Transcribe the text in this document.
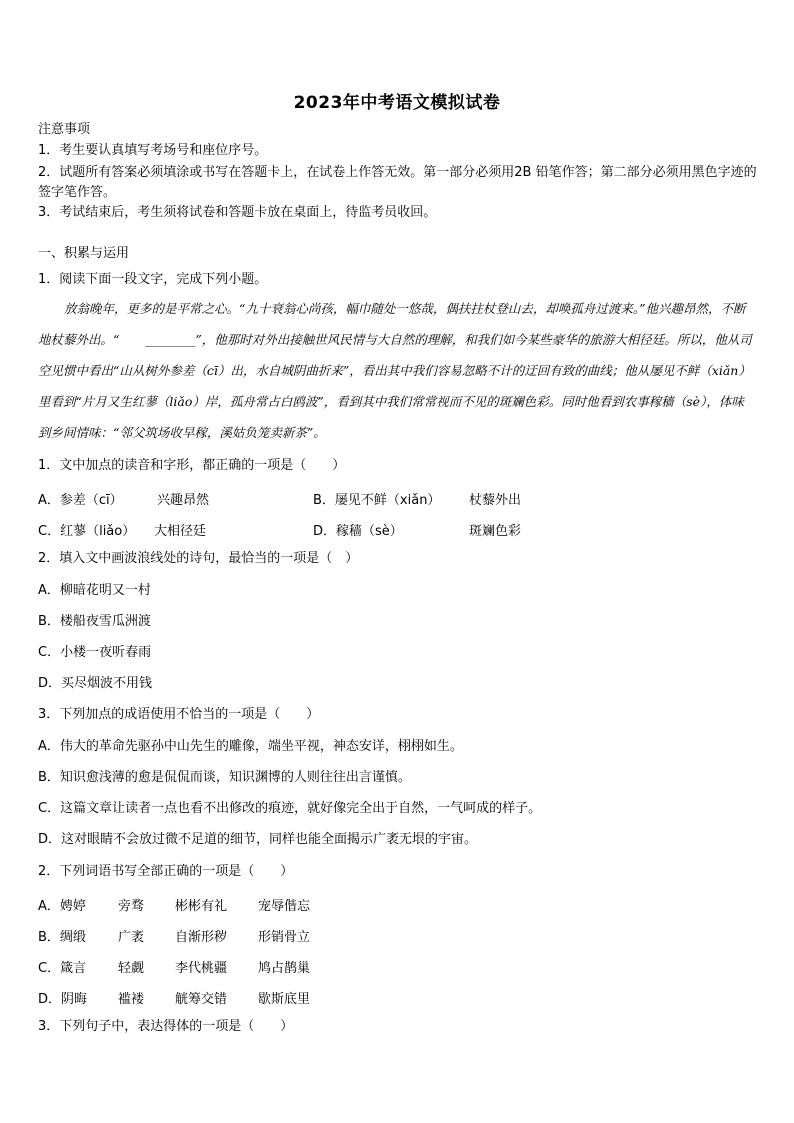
2023年中考语文模拟试卷
注意事项
1．考生要认真填写考场号和座位序号。
2．试题所有答案必须填涂或书写在答题卡上，在试卷上作答无效。第一部分必须用2B 铅笔作答；第二部分必须用黑色字迹的签字笔作答。
3．考试结束后，考生须将试卷和答题卡放在桌面上，待监考员收回。
一、积累与运用
1．阅读下面一段文字，完成下列小题。
放翁晚年，更多的是平常之心。“九十衰翁心尚孩，幅巾随处一悠哉，偶扶拄杖登山去，却唤孤舟过渡来。”他兴趣昂然，不断地杖藜外出。“ ________”，他那时对外出接触世风民情与大自然的理解，和我们如今某些豪华的旅游大相径廷。所以，他从司空见惯中看出“山从树外参差（cī）出，水自城阴曲折来”，看出其中我们容易忽略不计的迂回有致的曲线；他从屡见不鲜（xiǎn）里看到“片月又生红蓼（liǎo）岸，孤舟常占白鸥波”，看到其中我们常常视而不见的斑斓色彩。同时他看到农事稼穑（sè），体味到乡间情味：“邻父筑场收早稼，溪姑负笼卖新茶”。
1．文中加点的读音和字形，都正确的一项是（　　）
A．参差（cī）	兴趣昂然	B．屡见不鲜（xiǎn） 杖藜外出
C．红蓼（liǎo） 大相径廷	D．稼穑（sè）	斑斓色彩
2．填入文中画波浪线处的诗句，最恰当的一项是（　）
A．柳暗花明又一村
B．楼船夜雪瓜洲渡
C．小楼一夜听春雨
D．买尽烟波不用钱
3．下列加点的成语使用不恰当的一项是（　　）
A．伟大的革命先驱孙中山先生的雕像，端坐平视，神态安详，栩栩如生。
B．知识愈浅薄的愈是侃侃而谈，知识渊博的人则往往出言谨慎。
C．这篇文章让读者一点也看不出修改的痕迹，就好像完全出于自然，一气呵成的样子。
D．这对眼睛不会放过微不足道的细节，同样也能全面揭示广袤无垠的宇宙。
2．下列词语书写全部正确的一项是（　　）
A．娉婷 旁骛 彬彬有礼 宠辱偕忘
B．绸缎 广袤 自渐形秽 形销骨立
C．箴言 轻觑 李代桃疆 鸠占鹊巢
D．阴晦 褴褛 觥筹交错 歇斯底里
3．下列句子中，表达得体的一项是（　　）
